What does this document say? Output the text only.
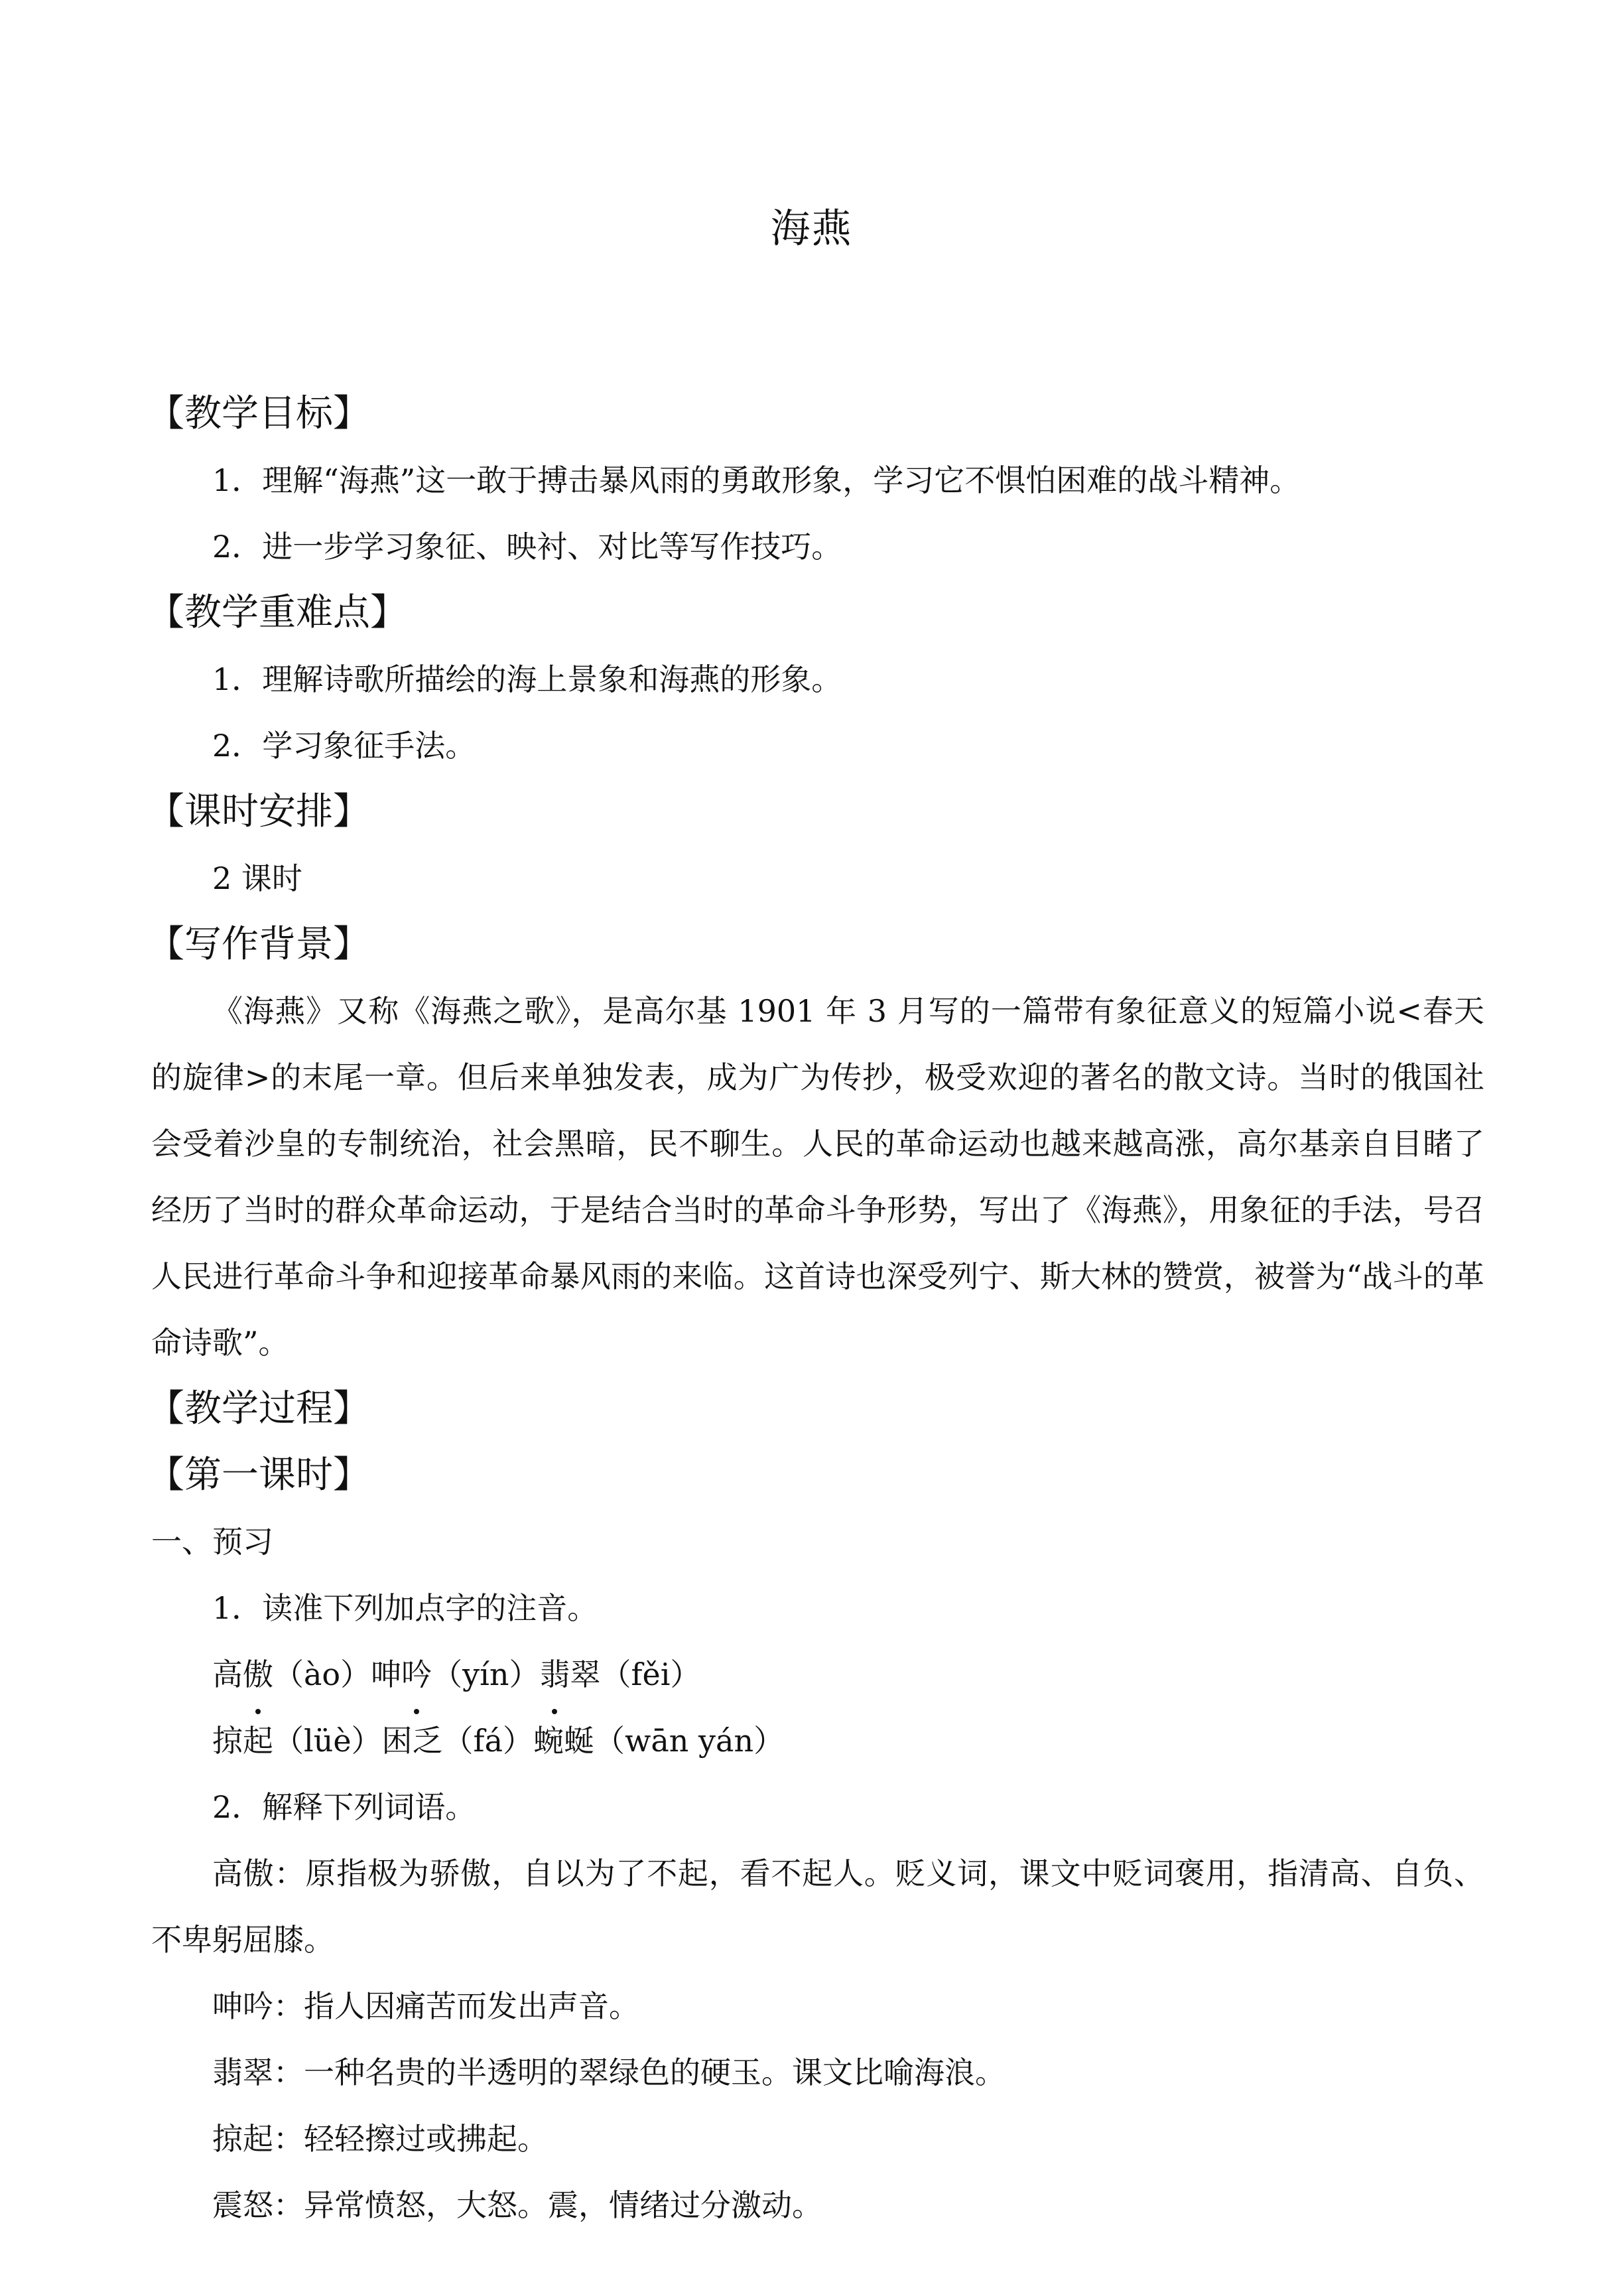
海燕
【教学目标】
1．理解“海燕”这一敢于搏击暴风雨的勇敢形象，学习它不惧怕困难的战斗精神。
2．进一步学习象征、映衬、对比等写作技巧。
【教学重难点】
1．理解诗歌所描绘的海上景象和海燕的形象。
2．学习象征手法。
【课时安排】
2 课时
【写作背景】
《海燕》又称《海燕之歌》，是高尔基 1901 年 3 月写的一篇带有象征意义的短篇小说<春天的旋律>的末尾一章。但后来单独发表，成为广为传抄，极受欢迎的著名的散文诗。当时的俄国社会受着沙皇的专制统治，社会黑暗，民不聊生。人民的革命运动也越来越高涨，高尔基亲自目睹了经历了当时的群众革命运动，于是结合当时的革命斗争形势，写出了《海燕》，用象征的手法，号召人民进行革命斗争和迎接革命暴风雨的来临。这首诗也深受列宁、斯大林的赞赏，被誉为“战斗的革命诗歌”。
【教学过程】
【第一课时】
一、预习
1．读准下列加点字的注音。
高傲（ào）呻吟（yín）翡翠（fěi）
掠起（lüè）困乏（fá）蜿蜒（wān yán）
2．解释下列词语。
高傲：原指极为骄傲，自以为了不起，看不起人。贬义词，课文中贬词褒用，指清高、自负、不卑躬屈膝。
呻吟：指人因痛苦而发出声音。
翡翠：一种名贵的半透明的翠绿色的硬玉。课文比喻海浪。
掠起：轻轻擦过或拂起。
震怒：异常愤怒，大怒。震，情绪过分激动。
